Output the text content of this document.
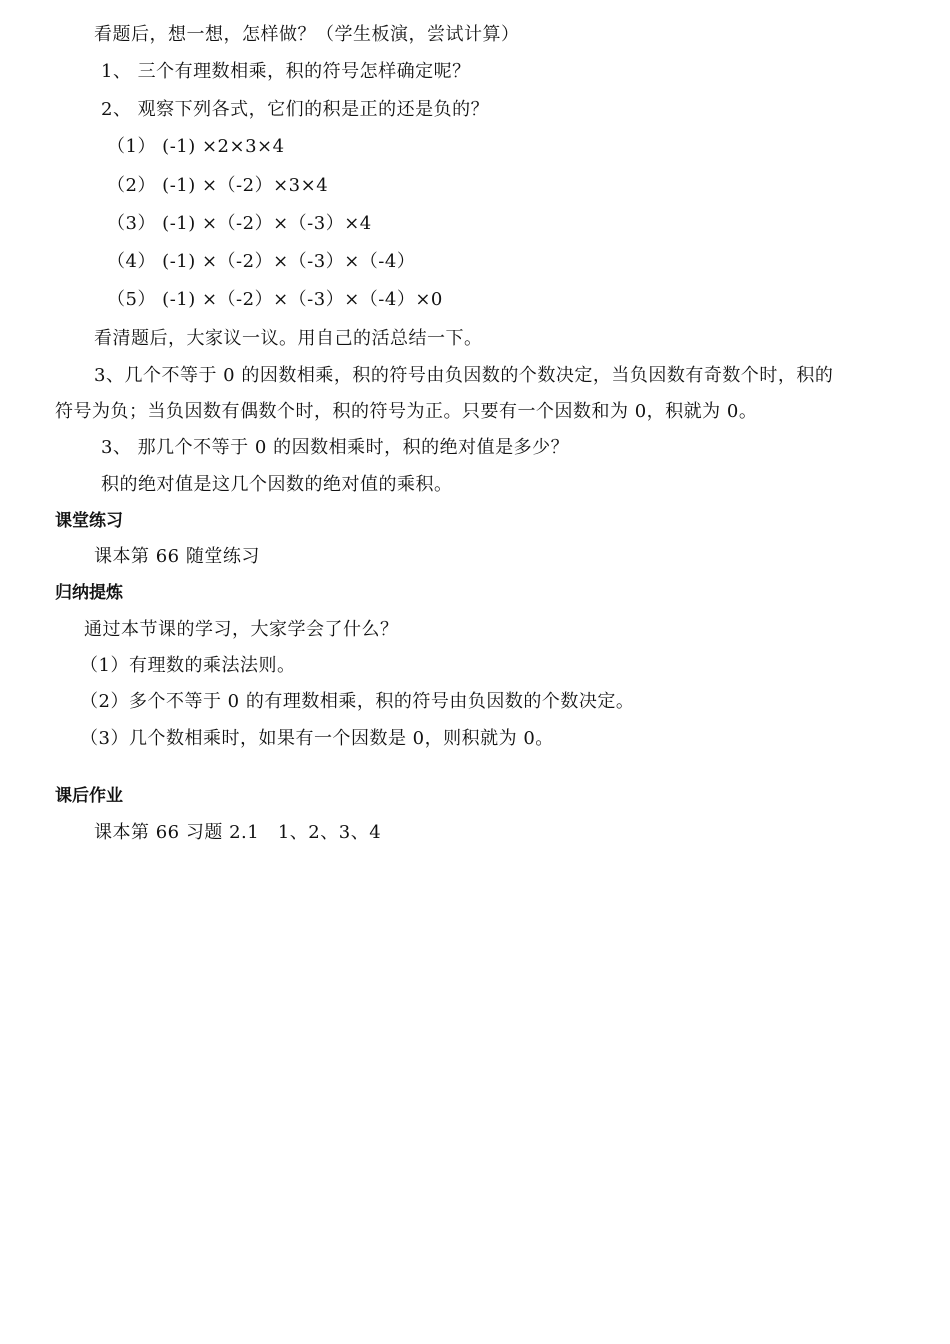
看题后，想一想，怎样做？（学生板演，尝试计算）
1、 三个有理数相乘，积的符号怎样确定呢？
2、 观察下列各式，它们的积是正的还是负的？
（1） (-1) ×2×3×4
（2） (-1) ×（-2）×3×4
（3） (-1) ×（-2）×（-3）×4
（4） (-1) ×（-2）×（-3）×（-4）
（5） (-1) ×（-2）×（-3）×（-4）×0
看清题后，大家议一议。用自己的活总结一下。
3、几个不等于 0 的因数相乘，积的符号由负因数的个数决定，当负因数有奇数个时，积的
符号为负；当负因数有偶数个时，积的符号为正。只要有一个因数和为 0，积就为 0。
3、 那几个不等于 0 的因数相乘时，积的绝对值是多少？
积的绝对值是这几个因数的绝对值的乘积。
课堂练习
课本第 66 随堂练习
归纳提炼
通过本节课的学习，大家学会了什么？
（1）有理数的乘法法则。
（2）多个不等于 0 的有理数相乘，积的符号由负因数的个数决定。
（3）几个数相乘时，如果有一个因数是 0，则积就为 0。
课后作业
课本第 66 习题 2.1   1、2、3、4
